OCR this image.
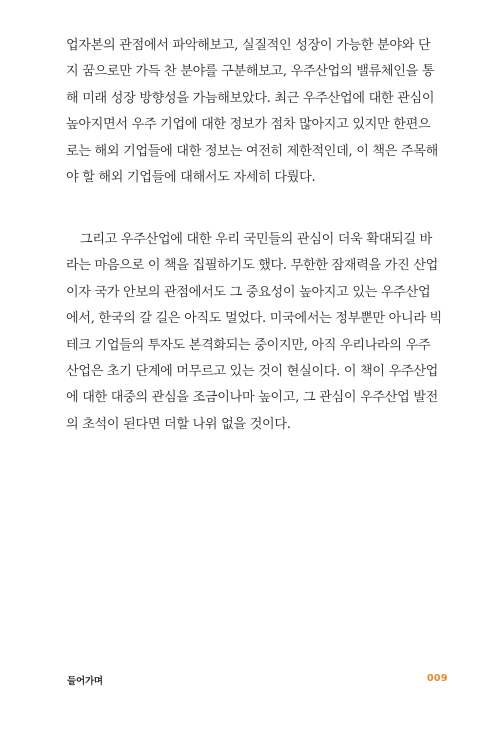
업자본의 관점에서 파악해보고, 실질적인 성장이 가능한 분야와 단

지 꿈으로만 가득 찬 분야를 구분해보고, 우주산업의 밸류체인을 통

해 미래 성장 방향성을 가늠해보았다. 최근 우주산업에 대한 관심이

높아지면서 우주 기업에 대한 정보가 점차 많아지고 있지만 한편으

로는 해외 기업들에 대한 정보는 여전히 제한적인데, 이 책은 주목해

야 할 해외 기업들에 대해서도 자세히 다뤘다.

그리고 우주산업에 대한 우리 국민들의 관심이 더욱 확대되길 바

라는 마음으로 이 책을 집필하기도 했다. 무한한 잠재력을 가진 산업

이자 국가 안보의 관점에서도 그 중요성이 높아지고 있는 우주산업

에서, 한국의 갈 길은 아직도 멀었다. 미국에서는 정부뿐만 아니라 빅

테크 기업들의 투자도 본격화되는 중이지만, 아직 우리나라의 우주

산업은 초기 단계에 머무르고 있는 것이 현실이다. 이 책이 우주산업

에 대한 대중의 관심을 조금이나마 높이고, 그 관심이 우주산업 발전

의 초석이 된다면 더할 나위 없을 것이다.

들어가며	009
